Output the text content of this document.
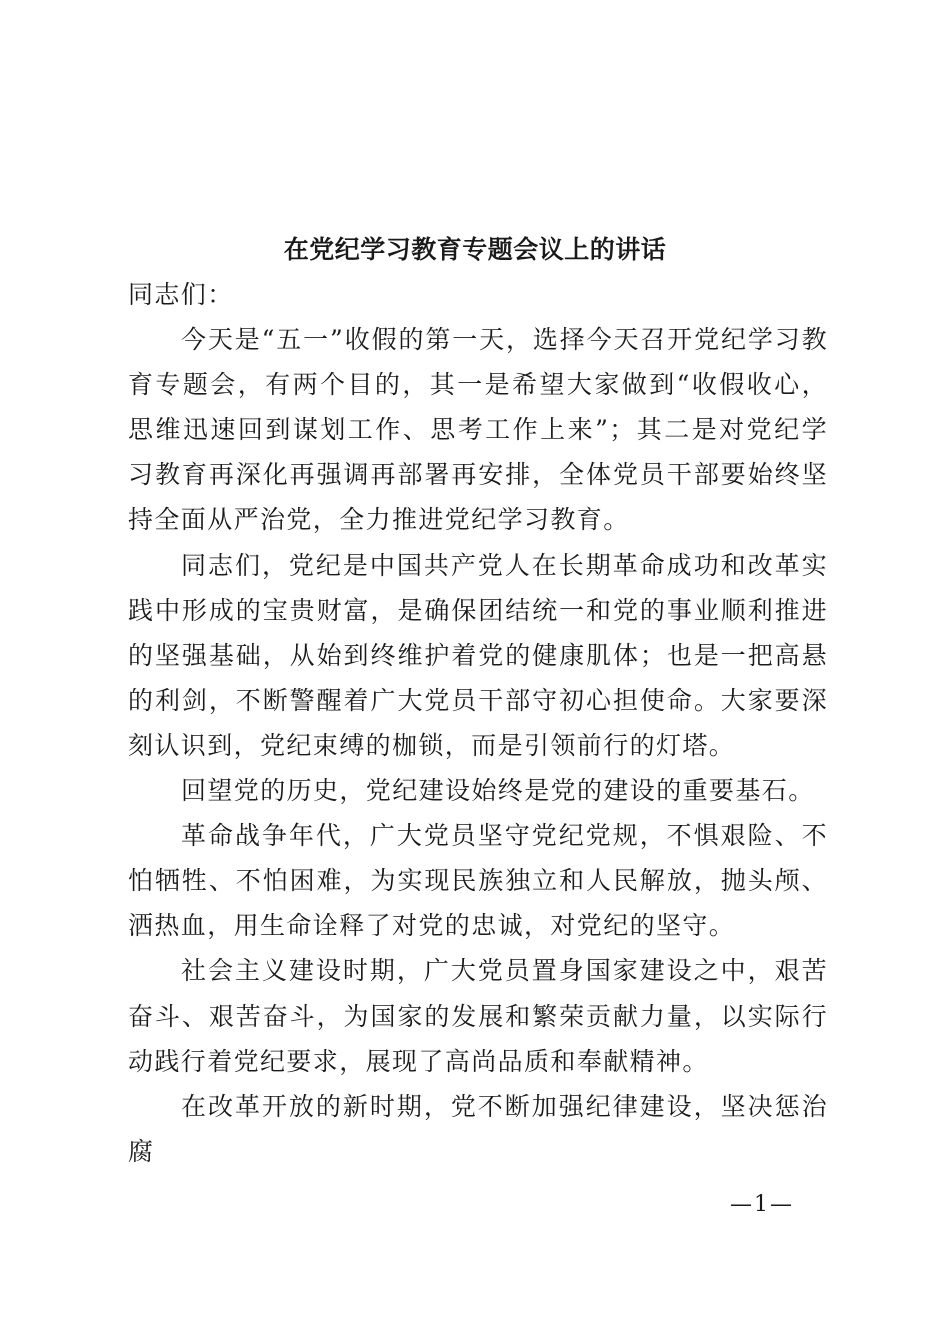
在党纪学习教育专题会议上的讲话

同志们：

今天是“五一”收假的第一天，选择今天召开党纪学习教育专题会，有两个目的，其一是希望大家做到“收假收心，思维迅速回到谋划工作、思考工作上来”；其二是对党纪学习教育再深化再强调再部署再安排，全体党员干部要始终坚持全面从严治党，全力推进党纪学习教育。

同志们，党纪是中国共产党人在长期革命成功和改革实践中形成的宝贵财富，是确保团结统一和党的事业顺利推进的坚强基础，从始到终维护着党的健康肌体；也是一把高悬的利剑，不断警醒着广大党员干部守初心担使命。大家要深刻认识到，党纪束缚的枷锁，而是引领前行的灯塔。

回望党的历史，党纪建设始终是党的建设的重要基石。

革命战争年代，广大党员坚守党纪党规，不惧艰险、不怕牺牲、不怕困难，为实现民族独立和人民解放，抛头颅、洒热血，用生命诠释了对党的忠诚，对党纪的坚守。

社会主义建设时期，广大党员置身国家建设之中，艰苦奋斗、艰苦奋斗，为国家的发展和繁荣贡献力量，以实际行动践行着党纪要求，展现了高尚品质和奉献精神。

在改革开放的新时期，党不断加强纪律建设，坚决惩治腐

—1—
